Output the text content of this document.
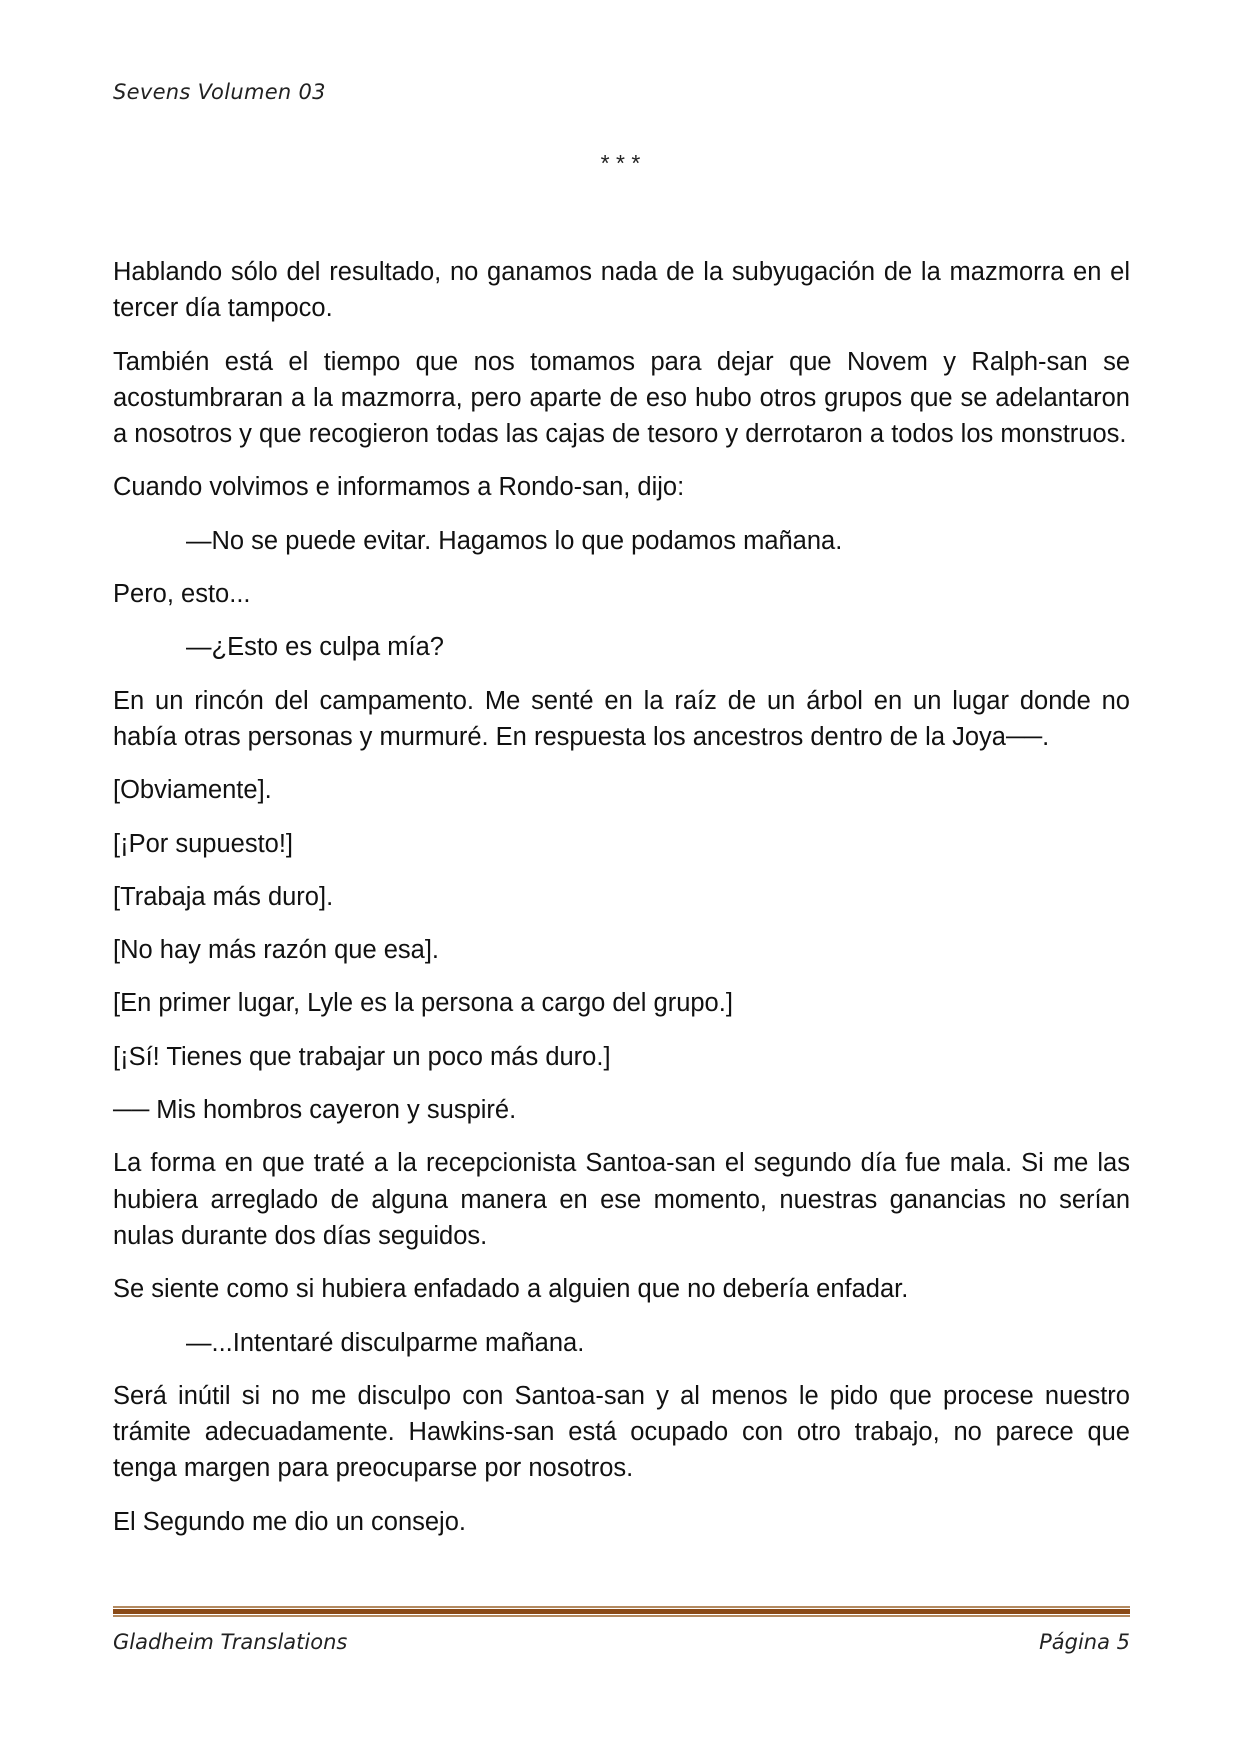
Sevens Volumen 03
* * *

Hablando sólo del resultado, no ganamos nada de la subyugación de la mazmorra en el tercer día tampoco.

También está el tiempo que nos tomamos para dejar que Novem y Ralph-san se acostumbraran a la mazmorra, pero aparte de eso hubo otros grupos que se adelantaron a nosotros y que recogieron todas las cajas de tesoro y derrotaron a todos los monstruos.

Cuando volvimos e informamos a Rondo-san, dijo:

—No se puede evitar. Hagamos lo que podamos mañana.

Pero, esto...

—¿Esto es culpa mía?

En un rincón del campamento. Me senté en la raíz de un árbol en un lugar donde no había otras personas y murmuré. En respuesta los ancestros dentro de la Joya──.

[Obviamente].

[¡Por supuesto!]

[Trabaja más duro].

[No hay más razón que esa].

[En primer lugar, Lyle es la persona a cargo del grupo.]

[¡Sí! Tienes que trabajar un poco más duro.]

── Mis hombros cayeron y suspiré.

La forma en que traté a la recepcionista Santoa-san el segundo día fue mala. Si me las hubiera arreglado de alguna manera en ese momento, nuestras ganancias no serían nulas durante dos días seguidos.

Se siente como si hubiera enfadado a alguien que no debería enfadar.

—...Intentaré disculparme mañana.

Será inútil si no me disculpo con Santoa-san y al menos le pido que procese nuestro trámite adecuadamente. Hawkins-san está ocupado con otro trabajo, no parece que tenga margen para preocuparse por nosotros.

El Segundo me dio un consejo.

Gladheim Translations	Página 5
